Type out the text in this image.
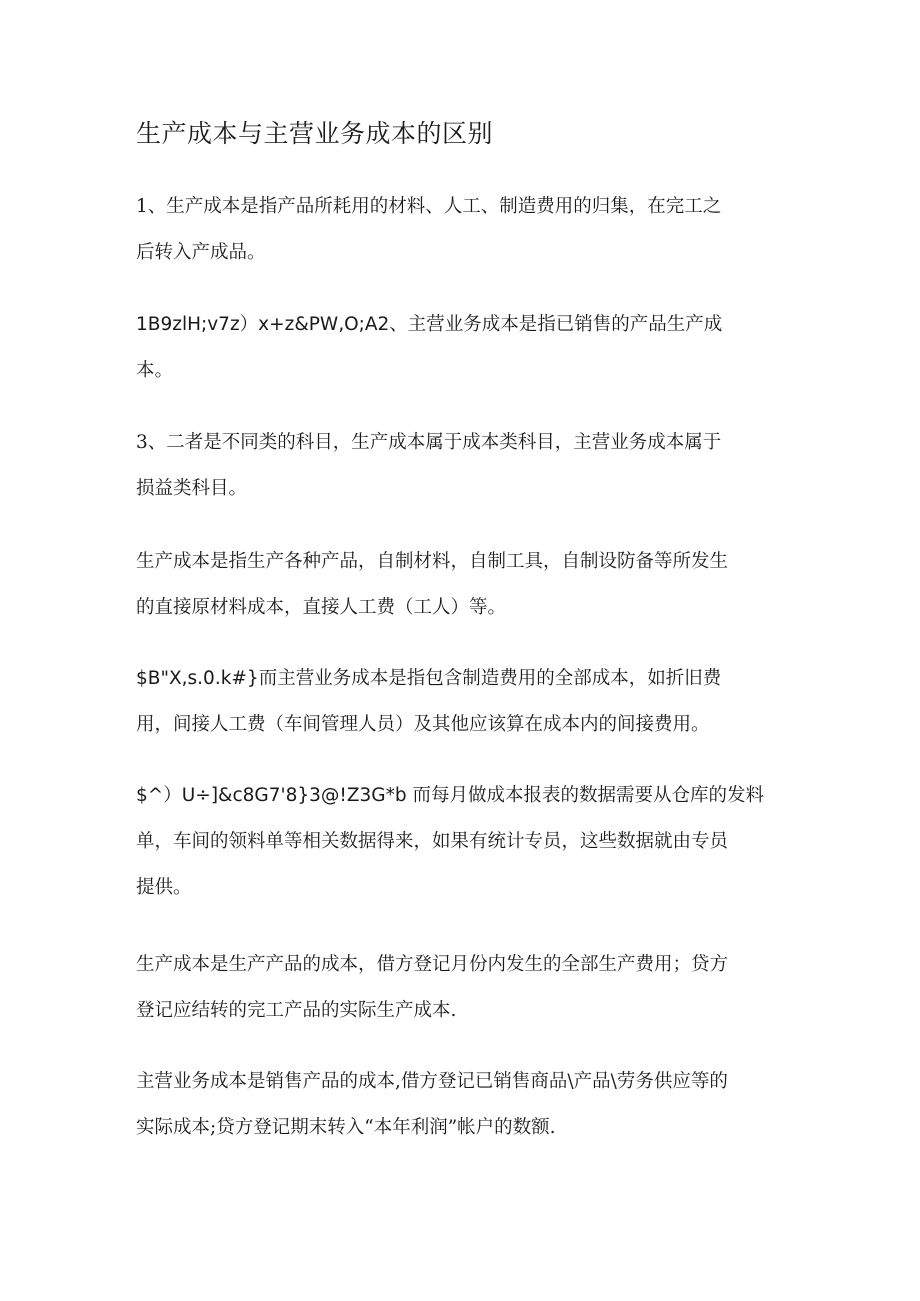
生产成本与主营业务成本的区别

1、生产成本是指产品所耗用的材料、人工、制造费用的归集，在完工之
后转入产成品。

1B9zlH;v7z）x+z&PW‚O;A2、主营业务成本是指已销售的产品生产成
本。

3、二者是不同类的科目，生产成本属于成本类科目，主营业务成本属于
损益类科目。

生产成本是指生产各种产品，自制材料，自制工具，自制设防备等所发生
的直接原材料成本，直接人工费（工人）等。

$B"X,s.0.k#}而主营业务成本是指包含制造费用的全部成本，如折旧费
用，间接人工费（车间管理人员）及其他应该算在成本内的间接费用。

$^）U÷]&c8G7'8}3@!Z3G*b 而每月做成本报表的数据需要从仓库的发料
单，车间的领料单等相关数据得来，如果有统计专员，这些数据就由专员
提供。

生产成本是生产产品的成本，借方登记月份内发生的全部生产费用；贷方
登记应结转的完工产品的实际生产成本.

主营业务成本是销售产品的成本,借方登记已销售商品\产品\劳务供应等的
实际成本;贷方登记期末转入“本年利润”帐户的数额.
